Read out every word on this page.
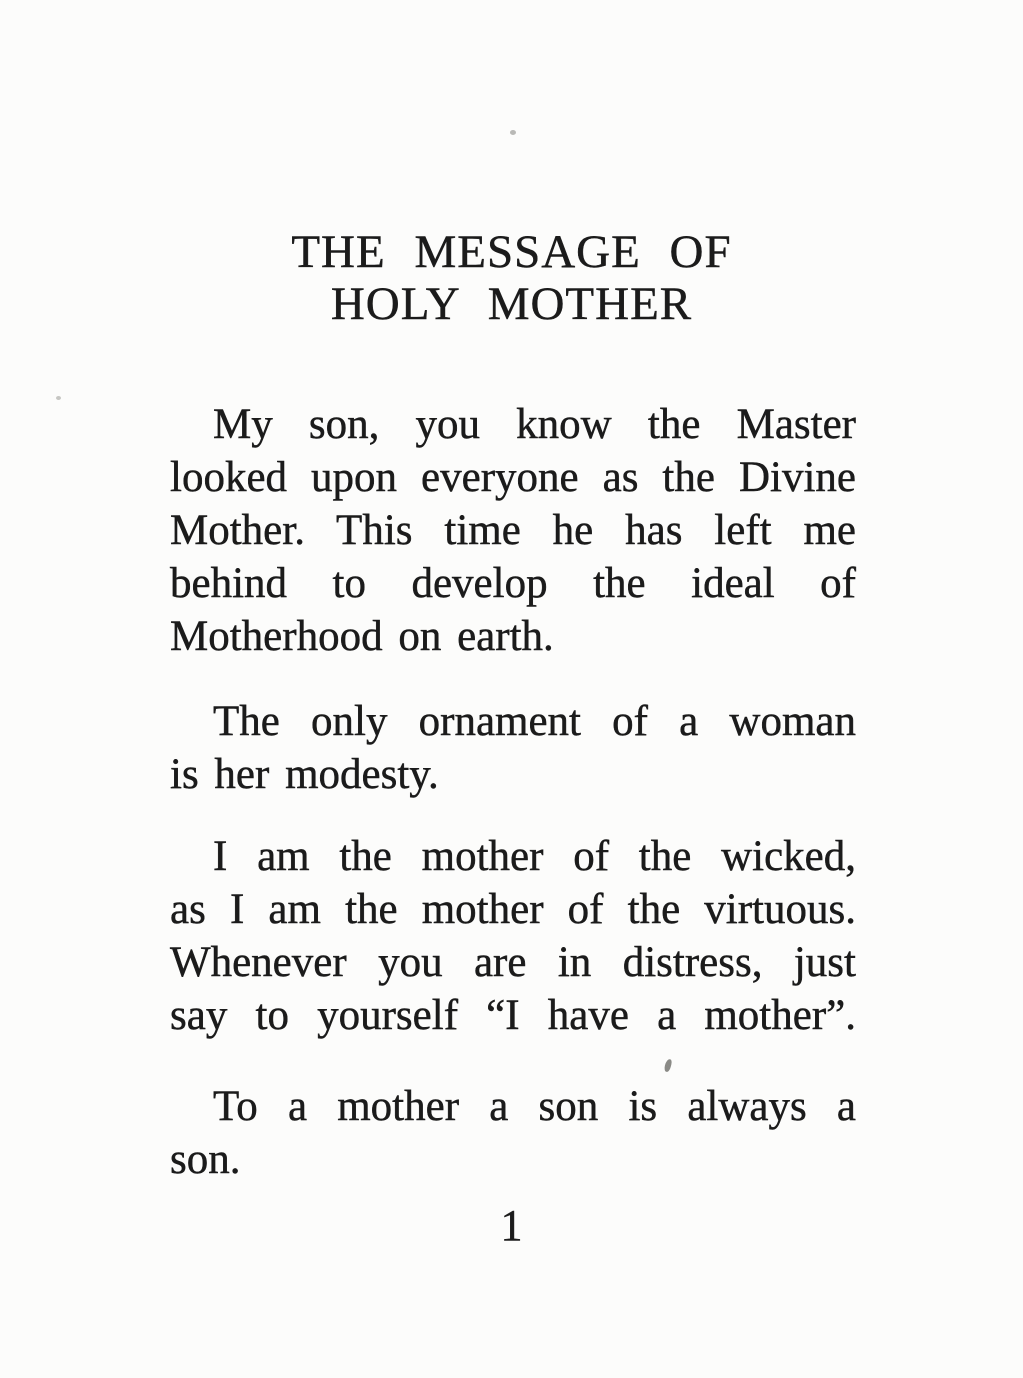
THE MESSAGE OF
HOLY MOTHER
My son, you know the Master
looked upon everyone as the Divine
Mother. This time he has left me
behind to develop the ideal of
Motherhood on earth.
The only ornament of a woman
is her modesty.
I am the mother of the wicked,
as I am the mother of the virtuous.
Whenever you are in distress, just
say to yourself “I have a mother”.
To a mother a son is always a
son.
1
